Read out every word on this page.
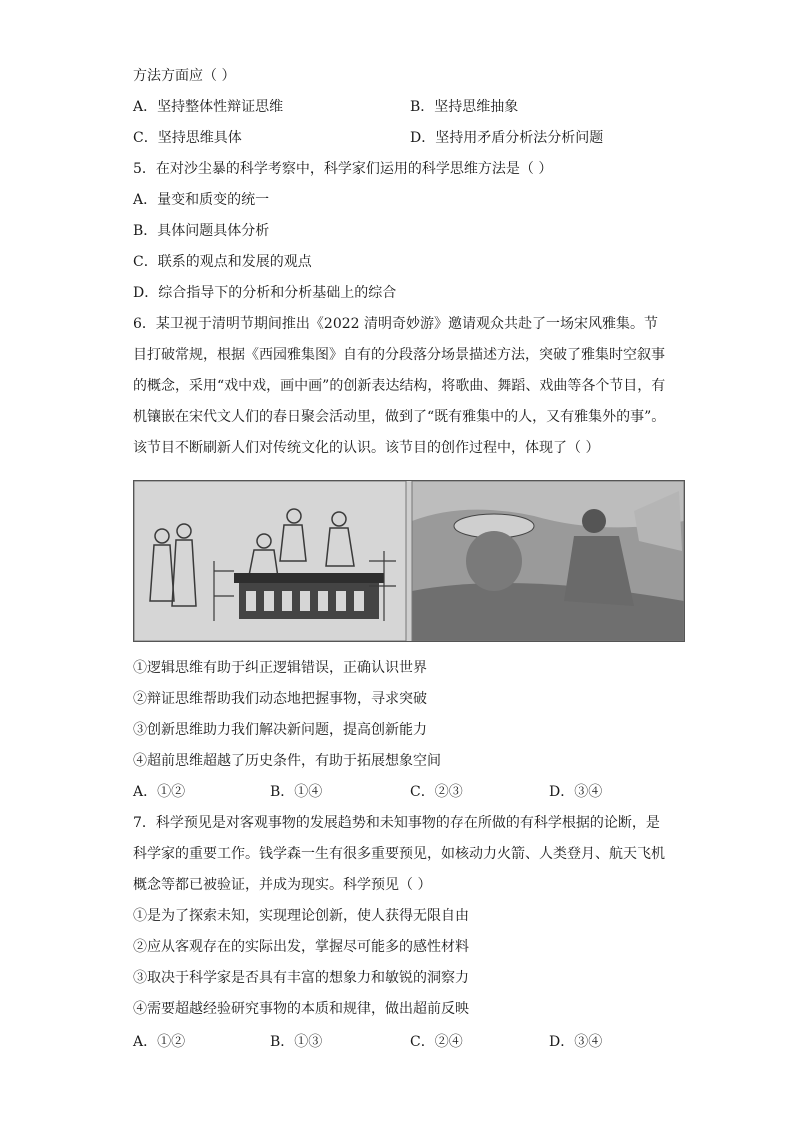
方法方面应（ ）
A．坚持整体性辩证思维	B．坚持思维抽象
C．坚持思维具体	D．坚持用矛盾分析法分析问题
5．在对沙尘暴的科学考察中，科学家们运用的科学思维方法是（ ）
A．量变和质变的统一
B．具体问题具体分析
C．联系的观点和发展的观点
D．综合指导下的分析和分析基础上的综合
6．某卫视于清明节期间推出《2022 清明奇妙游》邀请观众共赴了一场宋风雅集。节
目打破常规，根据《西园雅集图》自有的分段落分场景描述方法，突破了雅集时空叙事
的概念，采用“戏中戏，画中画”的创新表达结构，将歌曲、舞蹈、戏曲等各个节目，有
机镶嵌在宋代文人们的春日聚会活动里，做到了“既有雅集中的人，又有雅集外的事”。
该节目不断刷新人们对传统文化的认识。该节目的创作过程中，体现了（ ）
①逻辑思维有助于纠正逻辑错误，正确认识世界
②辩证思维帮助我们动态地把握事物，寻求突破
③创新思维助力我们解决新问题，提高创新能力
④超前思维超越了历史条件，有助于拓展想象空间
A．①②	B．①④	C．②③	D．③④
7．科学预见是对客观事物的发展趋势和未知事物的存在所做的有科学根据的论断，是
科学家的重要工作。钱学森一生有很多重要预见，如核动力火箭、人类登月、航天飞机
概念等都已被验证，并成为现实。科学预见（ ）
①是为了探索未知，实现理论创新，使人获得无限自由
②应从客观存在的实际出发，掌握尽可能多的感性材料
③取决于科学家是否具有丰富的想象力和敏锐的洞察力
④需要超越经验研究事物的本质和规律，做出超前反映
A．①②	B．①③	C．②④	D．③④
